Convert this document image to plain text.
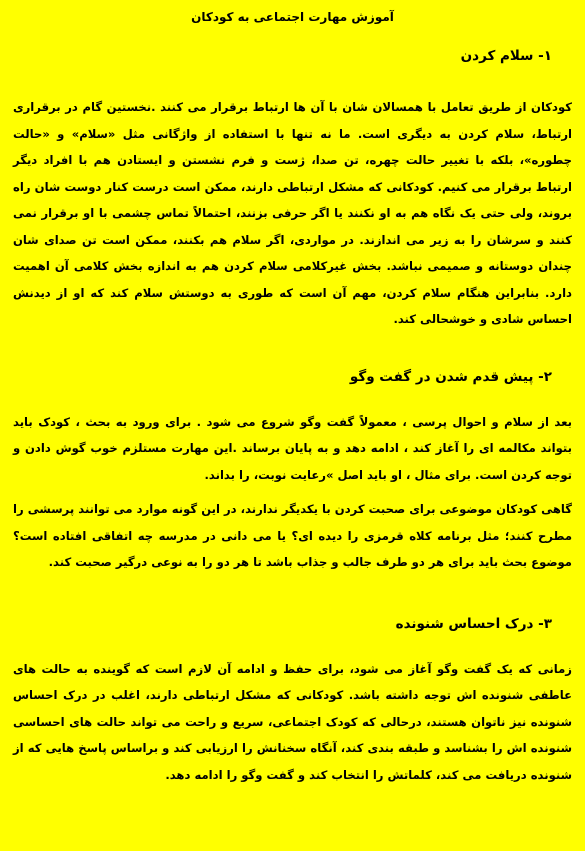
آموزش مهارت اجتماعی به کودکان
۱- سلام کردن

کودکان از طریق تعامل با همسالان شان با آن ها ارتباط برقرار می کنند .نخستین گام در برقراری ارتباط، سلام کردن به دیگری است. ما نه تنها با استفاده از واژگانی مثل «سلام» و «حالت چطوره»، بلکه با تغییر حالت چهره، تن صدا، ژست و فرم نشستن و ایستادن هم با افراد دیگر ارتباط برقرار می کنیم. کودکانی که مشکل ارتباطی دارند، ممکن است درست کنار دوست شان راه بروند، ولی حتی یک نگاه هم به او نکنند یا اگر حرفی بزنند، احتمالاً تماس چشمی با او برقرار نمی کنند و سرشان را به زیر می اندازند. در مواردی، اگر سلام هم بکنند، ممکن است تن صدای شان چندان دوستانه و صمیمی نباشد. بخش غیرکلامی سلام کردن هم به اندازه بخش کلامی آن اهمیت دارد. بنابراین هنگام سلام کردن، مهم آن است که طوری به دوستش سلام کند که او از دیدنش احساس شادی و خوشحالی کند.

۲- پیش قدم شدن در گفت وگو

بعد از سلام و احوال پرسی ، معمولاً گفت وگو شروع می شود . برای ورود به بحث ، کودک باید بتواند مکالمه ای را آغاز کند ، ادامه دهد و به پایان برساند .این مهارت مستلزم خوب گوش دادن و توجه کردن است. برای مثال ، او باید اصل »رعایت نوبت، را بداند.

گاهی کودکان موضوعی برای صحبت کردن با یکدیگر ندارند، در این گونه موارد می توانند پرسشی را مطرح کنند؛ مثل برنامه کلاه قرمزی را دیده ای؟ یا می دانی در مدرسه چه اتفاقی افتاده است؟ موضوع بحث باید برای هر دو طرف جالب و جذاب باشد تا هر دو را به نوعی درگیر صحبت کند.

۳- درک احساس شنونده

زمانی که یک گفت وگو آغاز می شود، برای حفظ و ادامه آن لازم است که گوینده به حالت های عاطفی شنونده اش توجه داشته باشد. کودکانی که مشکل ارتباطی دارند، اغلب در درک احساس شنونده نیز ناتوان هستند، درحالی که کودک اجتماعی، سریع و راحت می تواند حالت های احساسی شنونده اش را بشناسد و طبقه بندی کند، آنگاه سخنانش را ارزیابی کند و براساس پاسخ هایی که از شنونده دریافت می کند، کلماتش را انتخاب کند و گفت وگو را ادامه دهد.
